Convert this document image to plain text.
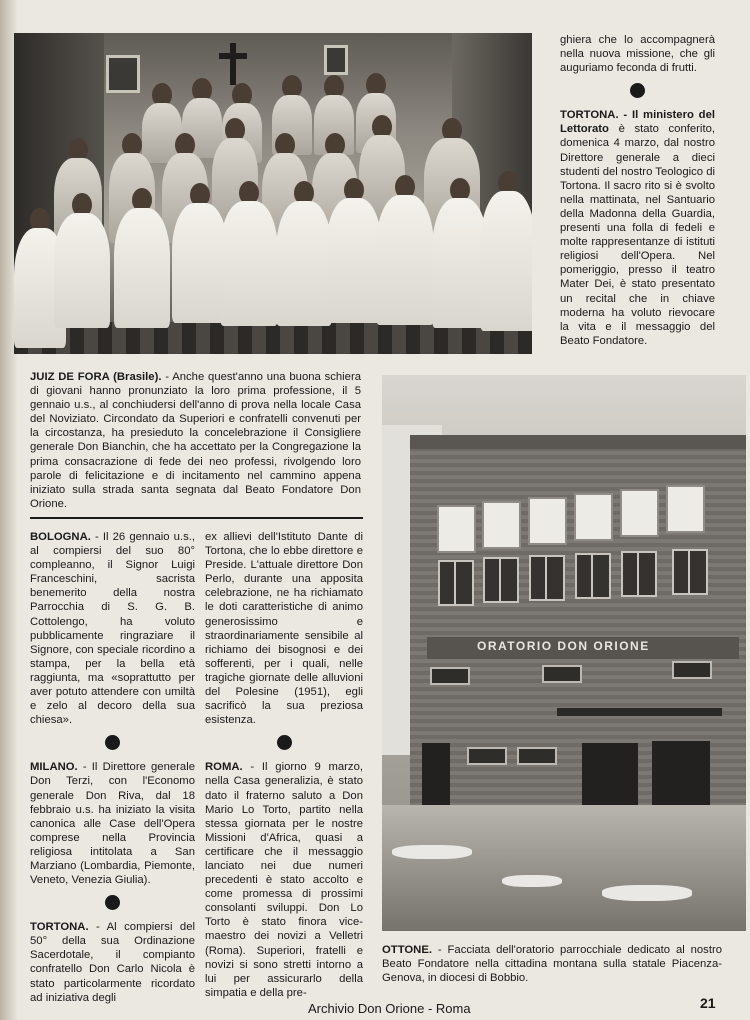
ghiera che lo accompagnerà nella nuova missione, che gli auguriamo feconda di frutti.

TORTONA. - Il ministero del Lettorato è stato conferito, domenica 4 marzo, dal nostro Direttore generale a dieci studenti del nostro Teologico di Tortona. Il sacro rito si è svolto nella mattinata, nel Santuario della Madonna della Guardia, presenti una folla di fedeli e molte rappresentanze di istituti religiosi dell'Opera. Nel pomeriggio, presso il teatro Mater Dei, è stato presentato un recital che in chiave moderna ha voluto rievocare la vita e il messaggio del Beato Fondatore.

JUIZ DE FORA (Brasile). - Anche quest'anno una buona schiera di giovani hanno pronunziato la loro prima professione, il 5 gennaio u.s., al conchiudersi dell'anno di prova nella locale Casa del Noviziato. Circondato da Superiori e confratelli convenuti per la circostanza, ha presieduto la concelebrazione il Consigliere generale Don Bianchin, che ha accettato per la Congregazione la prima consacrazione di fede dei neo professi, rivolgendo loro parole di felicitazione e di incitamento nel cammino appena iniziato sulla strada santa segnata dal Beato Fondatore Don Orione.

BOLOGNA. - Il 26 gennaio u.s., al compiersi del suo 80° compleanno, il Signor Luigi Franceschini, sacrista benemerito della nostra Parrocchia di S. G. B. Cottolengo, ha voluto pubblicamente ringraziare il Signore, con speciale ricordino a stampa, per la bella età raggiunta, ma «soprattutto per aver potuto attendere con umiltà e zelo al decoro della sua chiesa».

MILANO. - Il Direttore generale Don Terzi, con l'Economo generale Don Riva, dal 18 febbraio u.s. ha iniziato la visita canonica alle Case dell'Opera comprese nella Provincia religiosa intitolata a San Marziano (Lombardia, Piemonte, Veneto, Venezia Giulia).

TORTONA. - Al compiersi del 50° della sua Ordinazione Sacerdotale, il compianto confratello Don Carlo Nicola è stato particolarmente ricordato ad iniziativa degli

ex allievi dell'Istituto Dante di Tortona, che lo ebbe direttore e Preside. L'attuale direttore Don Perlo, durante una apposita celebrazione, ne ha richiamato le doti caratteristiche di animo generosissimo e straordinariamente sensibile al richiamo dei bisognosi e dei sofferenti, per i quali, nelle tragiche giornate delle alluvioni del Polesine (1951), egli sacrificò la sua preziosa esistenza.

ROMA. - Il giorno 9 marzo, nella Casa generalizia, è stato dato il fraterno saluto a Don Mario Lo Torto, partito nella stessa giornata per le nostre Missioni d'Africa, quasi a certificare che il messaggio lanciato nei due numeri precedenti è stato accolto e come promessa di prossimi consolanti sviluppi. Don Lo Torto è stato finora vice-maestro dei novizi a Velletri (Roma). Superiori, fratelli e novizi si sono stretti intorno a lui per assicurarlo della simpatia e della pre-

ORATORIO DON ORIONE

OTTONE. - Facciata dell'oratorio parrocchiale dedicato al nostro Beato Fondatore nella cittadina montana sulla statale Piacenza-Genova, in diocesi di Bobbio.

Archivio Don Orione - Roma	21
